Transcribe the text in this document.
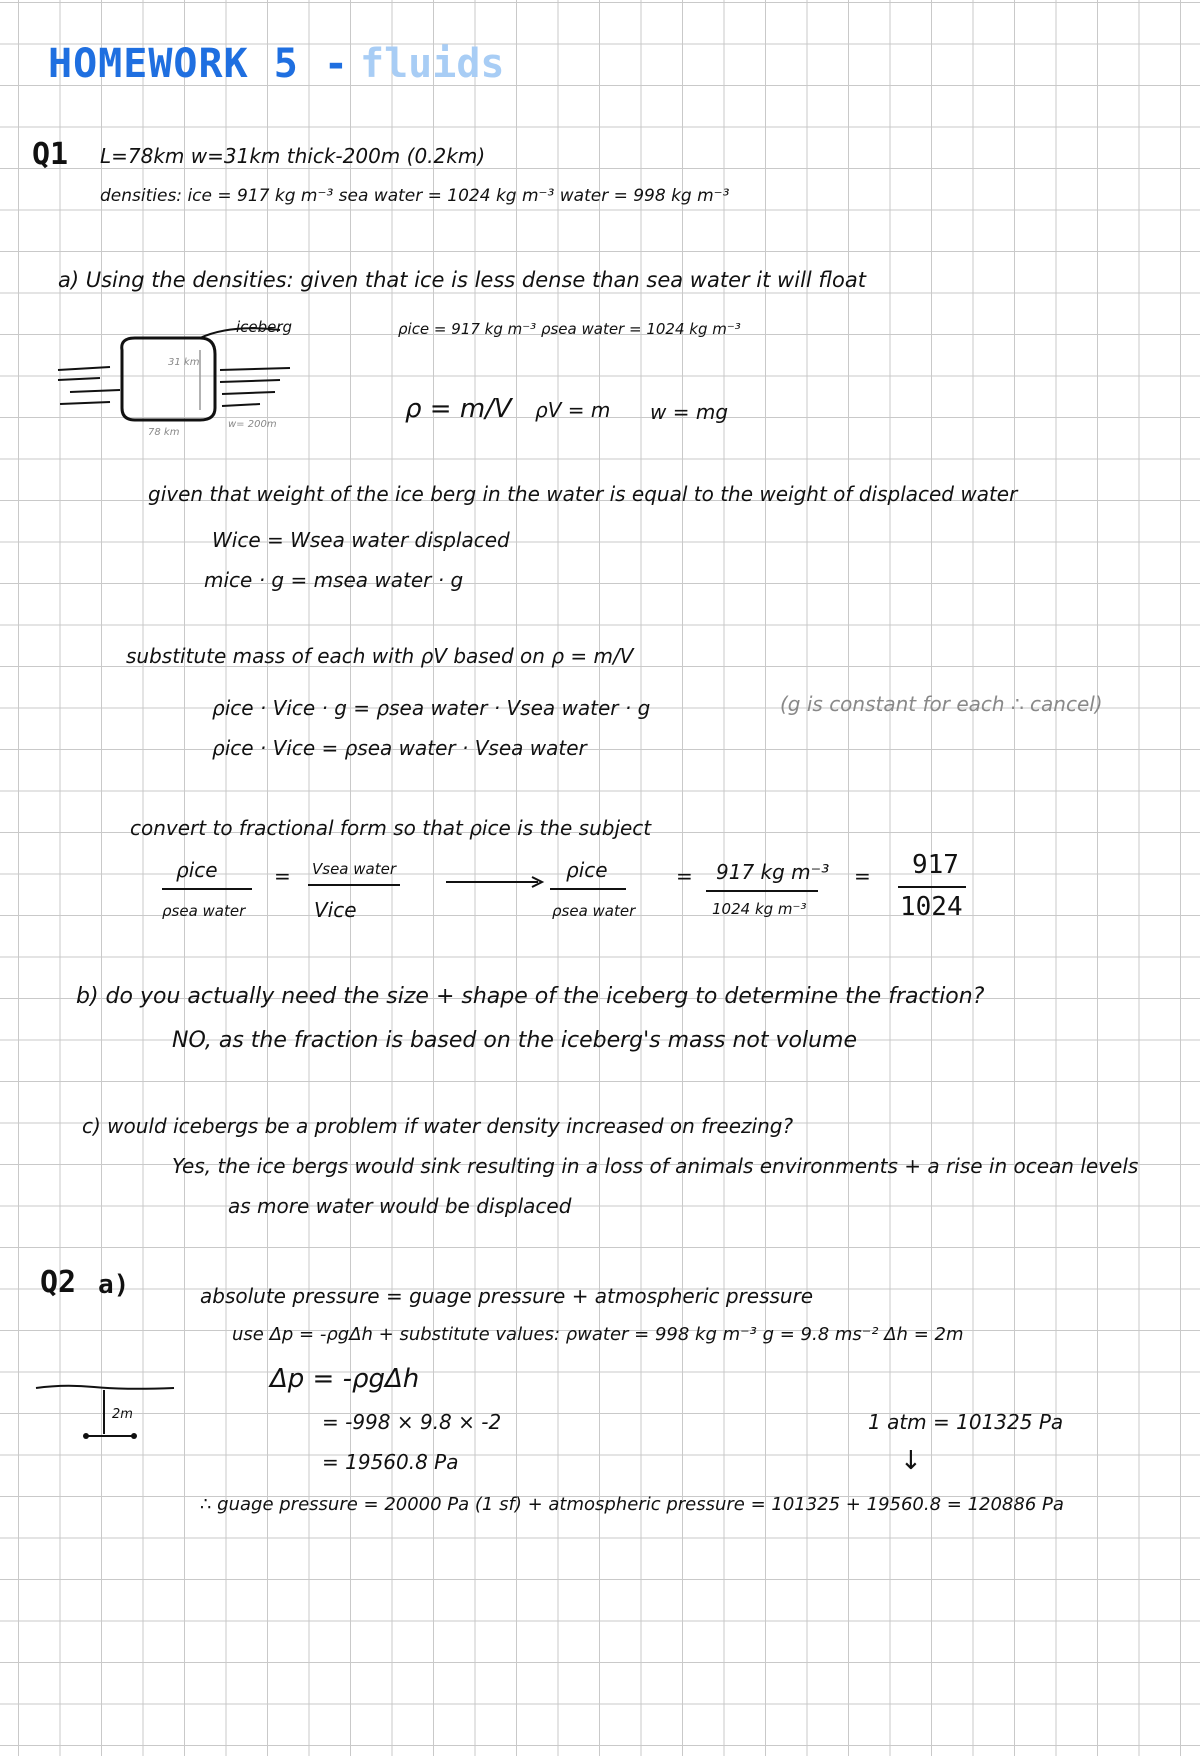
HOMEWORK 5 - fluids
Q1 L=78km w=31km thick-200m (0.2km)
densities: ice = 917 kg m⁻³ sea water = 1024 kg m⁻³ water = 998 kg m⁻³
a) Using the densities: given that ice is less dense than sea water it will float
iceberg
78 km
31 km
w= 200m
ρice = 917 kg m⁻³ ρsea water = 1024 kg m⁻³
ρ = m/V ρV = m w = mg
given that weight of the ice berg in the water is equal to the weight of displaced water
Wice = Wsea water displaced
mice · g = msea water · g
substitute mass of each with ρV based on ρ = m/V
ρice · Vice · g = ρsea water · Vsea water · g	(g is constant for each ∴ cancel)
ρice · Vice = ρsea water · Vsea water
convert to fractional form so that ρice is the subject
ρice
ρsea water
= Vsea water
Vice
ρice
ρsea water
= 917 kg m⁻³
1024 kg m⁻³
= 917
1024
b) do you actually need the size + shape of the iceberg to determine the fraction?
NO, as the fraction is based on the iceberg's mass not volume
c) would icebergs be a problem if water density increased on freezing?
Yes, the ice bergs would sink resulting in a loss of animals environments + a rise in ocean levels
as more water would be displaced
Q2 a)	absolute pressure = guage pressure + atmospheric pressure
use Δp = -ρgΔh + substitute values: ρwater = 998 kg m⁻³ g = 9.8 ms⁻² Δh = 2m
2m
Δp = -ρgΔh
= -998 × 9.8 × -2
= 19560.8 Pa
1 atm = 101325 Pa
↓
∴ guage pressure = 20000 Pa (1 sf) + atmospheric pressure = 101325 + 19560.8 = 120886 Pa
